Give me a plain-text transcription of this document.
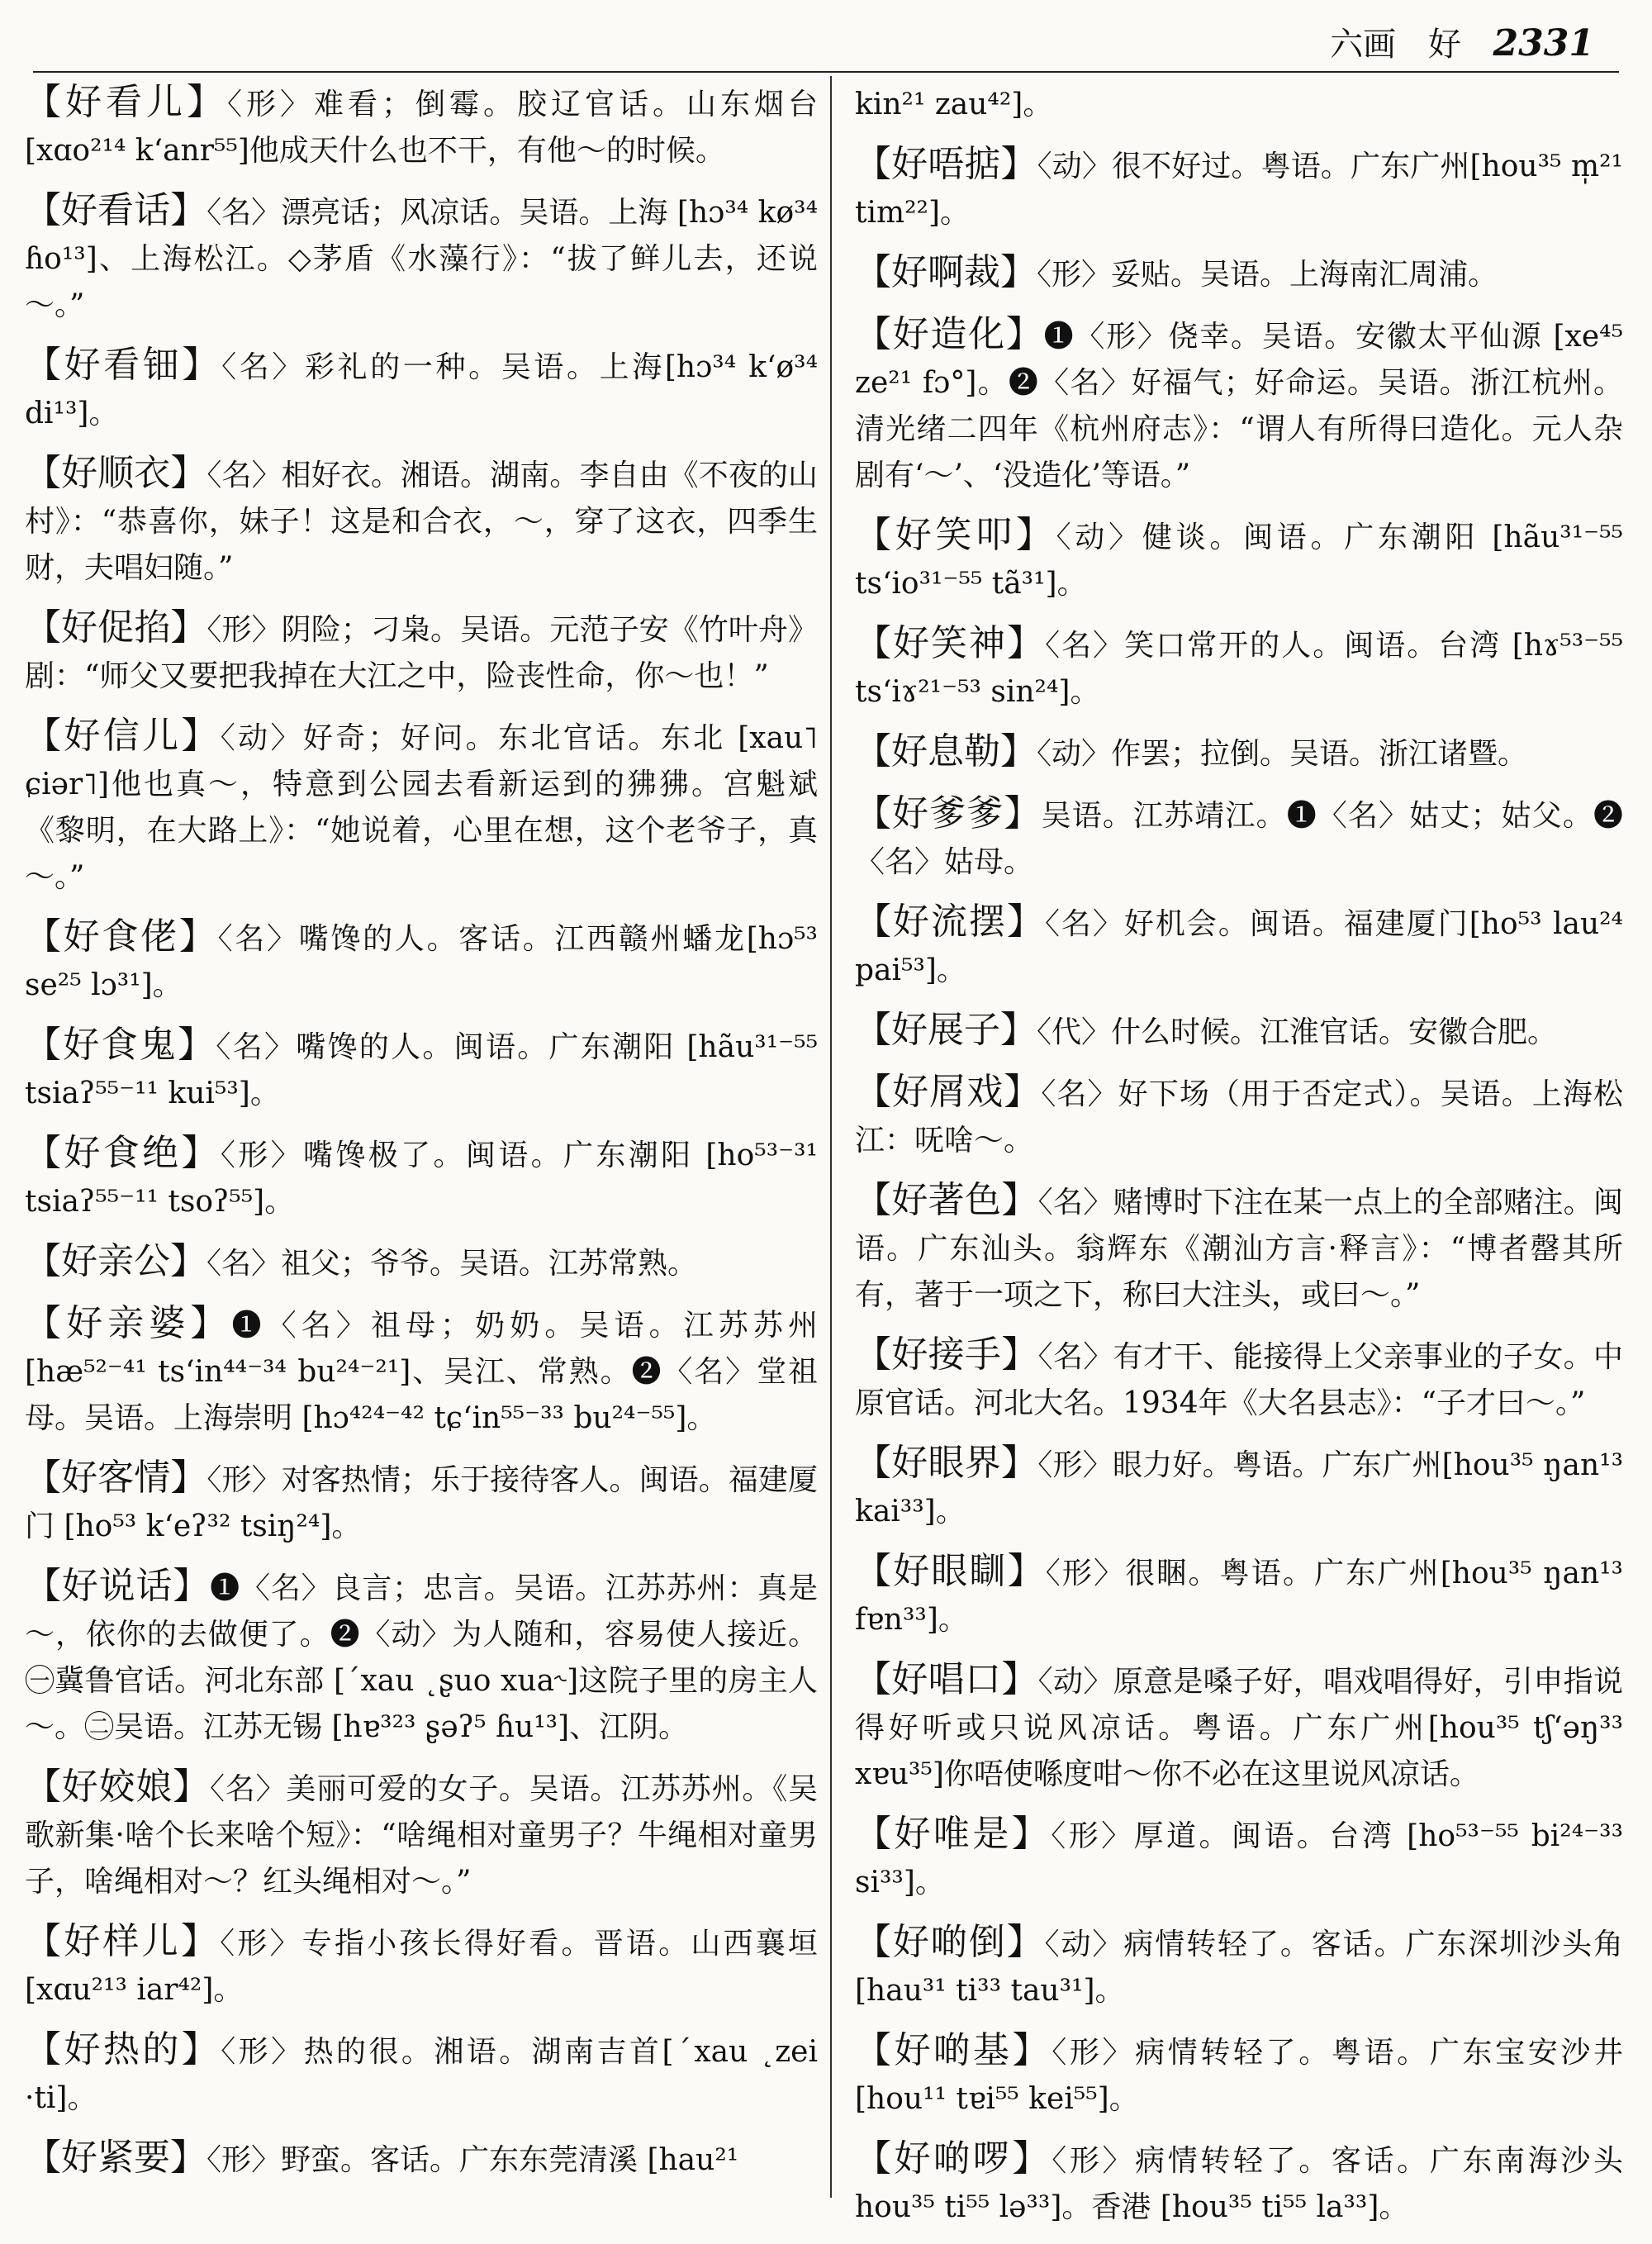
六画 好 2331

【好看儿】〈形〉难看；倒霉。胶辽官话。山东烟台[xɑo²¹⁴ kʻanr⁵⁵]他成天什么也不干，有他～的时候。

【好看话】〈名〉漂亮话；风凉话。吴语。上海 [hɔ³⁴ kø³⁴ ɦo¹³]、上海松江。◇茅盾《水藻行》：“拔了鲜儿去，还说～。”

【好看钿】〈名〉彩礼的一种。吴语。上海[hɔ³⁴ kʻø³⁴ di¹³]。

【好顺衣】〈名〉相好衣。湘语。湖南。李自由《不夜的山村》：“恭喜你，妹子！这是和合衣，～，穿了这衣，四季生财，夫唱妇随。”

【好促掐】〈形〉阴险；刁枭。吴语。元范子安《竹叶舟》剧：“师父又要把我掉在大江之中，险丧性命，你～也！”

【好信儿】〈动〉好奇；好问。东北官话。东北 [xau˥ ɕiər˥]他也真～，特意到公园去看新运到的狒狒。宫魁斌《黎明，在大路上》：“她说着，心里在想，这个老爷子，真～。”

【好食佬】〈名〉嘴馋的人。客话。江西赣州蟠龙[hɔ⁵³ se²⁵ lɔ³¹]。

【好食鬼】〈名〉嘴馋的人。闽语。广东潮阳 [hãu³¹⁻⁵⁵ tsiaʔ⁵⁵⁻¹¹ kui⁵³]。

【好食绝】〈形〉嘴馋极了。闽语。广东潮阳 [ho⁵³⁻³¹ tsiaʔ⁵⁵⁻¹¹ tsoʔ⁵⁵]。

【好亲公】〈名〉祖父；爷爷。吴语。江苏常熟。

【好亲婆】❶〈名〉祖母；奶奶。吴语。江苏苏州[hæ⁵²⁻⁴¹ tsʻin⁴⁴⁻³⁴ bu²⁴⁻²¹]、吴江、常熟。❷〈名〉堂祖母。吴语。上海崇明 [hɔ⁴²⁴⁻⁴² tɕʻin⁵⁵⁻³³ bu²⁴⁻⁵⁵]。

【好客情】〈形〉对客热情；乐于接待客人。闽语。福建厦门 [ho⁵³ kʻeʔ³² tsiŋ²⁴]。

【好说话】❶〈名〉良言；忠言。吴语。江苏苏州：真是～，依你的去做便了。❷〈动〉为人随和，容易使人接近。㊀冀鲁官话。河北东部 [ˊxau ˛ʂuo xua˞]这院子里的房主人～。㊁吴语。江苏无锡 [hɐ³²³ ʂəʔ⁵ ɦu¹³]、江阴。

【好姣娘】〈名〉美丽可爱的女子。吴语。江苏苏州。《吴歌新集·啥个长来啥个短》：“啥绳相对童男子？牛绳相对童男子，啥绳相对～？红头绳相对～。”

【好样儿】〈形〉专指小孩长得好看。晋语。山西襄垣 [xɑu²¹³ iar⁴²]。

【好热的】〈形〉热的很。湘语。湖南吉首[ˊxau ˛zei ·ti]。

【好紧要】〈形〉野蛮。客话。广东东莞清溪 [hau²¹

kin²¹ zau⁴²]。

【好唔掂】〈动〉很不好过。粤语。广东广州[hou³⁵ m̩²¹ tim²²]。

【好啊裁】〈形〉妥贴。吴语。上海南汇周浦。

【好造化】❶〈形〉侥幸。吴语。安徽太平仙源 [xe⁴⁵ ze²¹ fɔ°]。❷〈名〉好福气；好命运。吴语。浙江杭州。清光绪二四年《杭州府志》：“谓人有所得曰造化。元人杂剧有‘～’、‘没造化’等语。”

【好笑叩】〈动〉健谈。闽语。广东潮阳 [hãu³¹⁻⁵⁵ tsʻio³¹⁻⁵⁵ tã³¹]。

【好笑神】〈名〉笑口常开的人。闽语。台湾 [hɤ⁵³⁻⁵⁵ tsʻiɤ²¹⁻⁵³ sin²⁴]。

【好息勒】〈动〉作罢；拉倒。吴语。浙江诸暨。

【好爹爹】吴语。江苏靖江。❶〈名〉姑丈；姑父。❷〈名〉姑母。

【好流摆】〈名〉好机会。闽语。福建厦门[ho⁵³ lau²⁴ pai⁵³]。

【好展子】〈代〉什么时候。江淮官话。安徽合肥。

【好屑戏】〈名〉好下场（用于否定式）。吴语。上海松江：呒啥～。

【好著色】〈名〉赌博时下注在某一点上的全部赌注。闽语。广东汕头。翁辉东《潮汕方言·释言》：“博者罄其所有，著于一项之下，称曰大注头，或曰～。”

【好接手】〈名〉有才干、能接得上父亲事业的子女。中原官话。河北大名。1934年《大名县志》：“子才曰～。”

【好眼界】〈形〉眼力好。粤语。广东广州[hou³⁵ ŋan¹³ kai³³]。

【好眼瞓】〈形〉很睏。粤语。广东广州[hou³⁵ ŋan¹³ fɐn³³]。

【好唱口】〈动〉原意是嗓子好，唱戏唱得好，引申指说得好听或只说风凉话。粤语。广东广州[hou³⁵ tʃʻəŋ³³ xɐu³⁵]你唔使喺度咁～你不必在这里说风凉话。

【好唯是】〈形〉厚道。闽语。台湾 [ho⁵³⁻⁵⁵ bi²⁴⁻³³ si³³]。

【好啲倒】〈动〉病情转轻了。客话。广东深圳沙头角 [hau³¹ ti³³ tau³¹]。

【好啲基】〈形〉病情转轻了。粤语。广东宝安沙井 [hou¹¹ tɐi⁵⁵ kei⁵⁵]。

【好啲啰】〈形〉病情转轻了。客话。广东南海沙头 hou³⁵ ti⁵⁵ lə³³]。香港 [hou³⁵ ti⁵⁵ la³³]。
